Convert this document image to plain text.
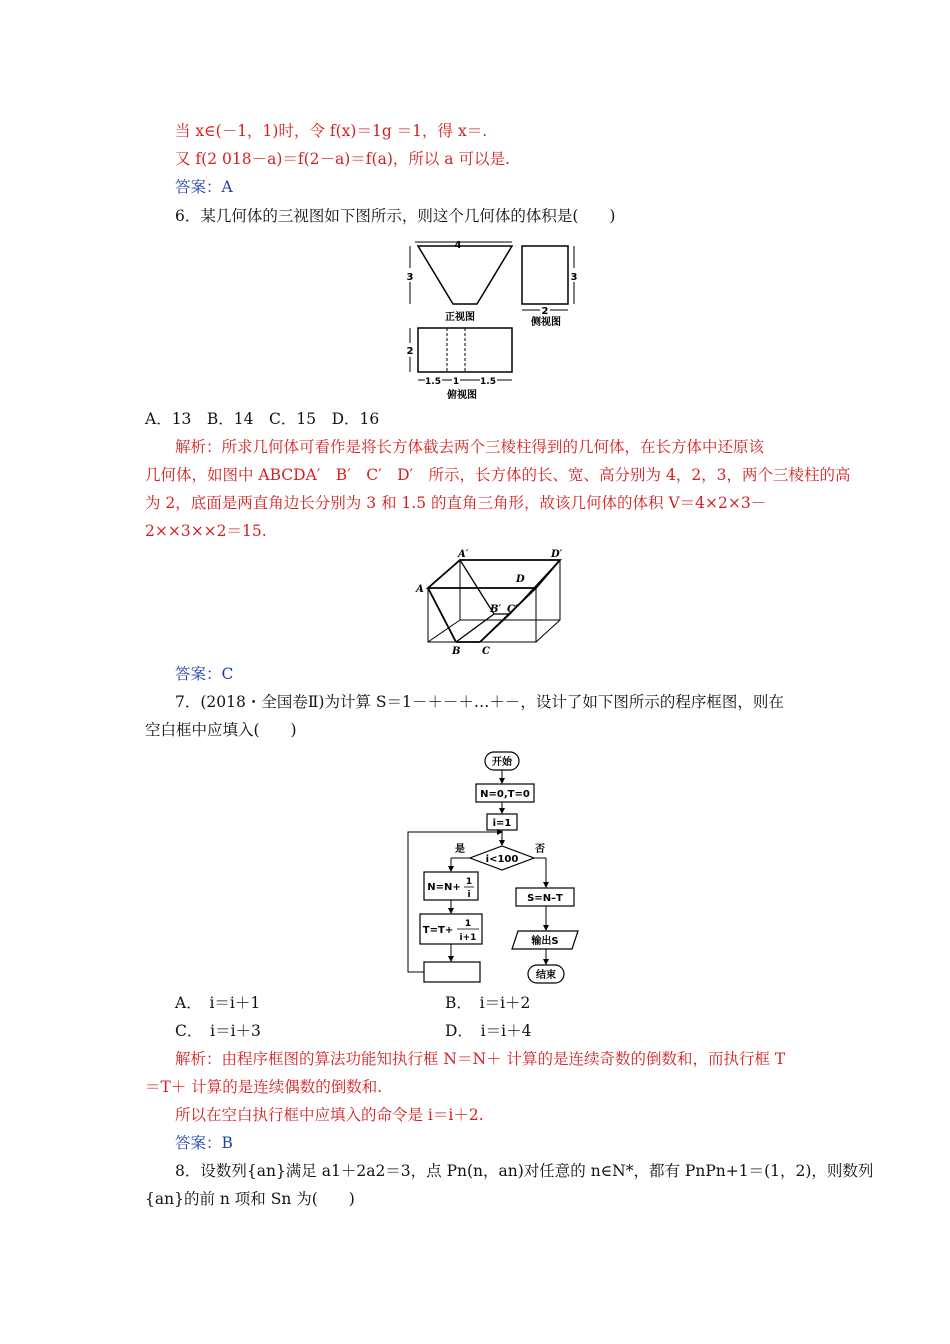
当 x∈(－1，1)时，令 f(x)＝1g ＝1，得 x＝.
又 f(2 018－a)＝f(2－a)＝f(a)，所以 a 可以是.
答案：A
6．某几何体的三视图如下图所示，则这个几何体的体积是(　　)
4
3
正视图
3
2
侧视图
2
1.5 1 1.5
俯视图
A．13　B．14　C．15　D．16
解析：所求几何体可看作是将长方体截去两个三棱柱得到的几何体，在长方体中还原该
几何体，如图中 ABCDA′　B′　C′　D′　所示，长方体的长、宽、高分别为 4，2，3，两个三棱柱的高
为 2，底面是两直角边长分别为 3 和 1.5 的直角三角形，故该几何体的体积 V＝4×2×3－
2××3××2＝15.
A′	D′
A
D
B′ C′
B C
答案：C
7．(2018・全国卷Ⅱ)为计算 S＝1－＋－＋…＋－，设计了如下图所示的程序框图，则在
空白框中应填入(　　)
开始
N=0,T=0
i=1
i<100
是	否
N=N+ 1
i
T=T+
1
i+1
S=N–T
输出S
结束
A．　i＝i＋1	B．　i＝i＋2
C．　i＝i＋3	D．　i＝i＋4
解析：由程序框图的算法功能知执行框 N＝N＋ 计算的是连续奇数的倒数和，而执行框 T
＝T＋ 计算的是连续偶数的倒数和.
所以在空白执行框中应填入的命令是 i＝i＋2.
答案：B
8．设数列{an}满足 a1＋2a2＝3，点 Pn(n，an)对任意的 n∈N*，都有 PnPn+1＝(1，2)，则数列
{an}的前 n 项和 Sn 为(　　)
